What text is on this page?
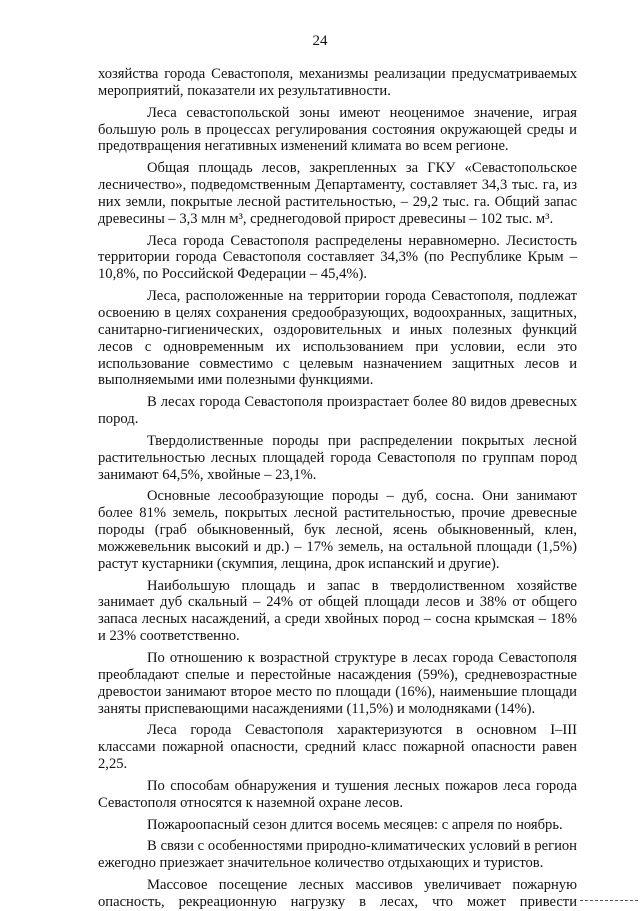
24

хозяйства города Севастополя, механизмы реализации предусматриваемых мероприятий, показатели их результативности.

Леса севастопольской зоны имеют неоценимое значение, играя большую роль в процессах регулирования состояния окружающей среды и предотвращения негативных изменений климата во всем регионе.

Общая площадь лесов, закрепленных за ГКУ «Севастопольское лесничество», подведомственным Департаменту, составляет 34,3 тыс. га, из них земли, покрытые лесной растительностью, – 29,2 тыс. га. Общий запас древесины – 3,3 млн м³, среднегодовой прирост древесины – 102 тыс. м³.

Леса города Севастополя распределены неравномерно. Лесистость территории города Севастополя составляет 34,3% (по Республике Крым – 10,8%, по Российской Федерации – 45,4%).

Леса, расположенные на территории города Севастополя, подлежат освоению в целях сохранения средообразующих, водоохранных, защитных, санитарно-гигиенических, оздоровительных и иных полезных функций лесов с одновременным их использованием при условии, если это использование совместимо с целевым назначением защитных лесов и выполняемыми ими полезными функциями.

В лесах города Севастополя произрастает более 80 видов древесных пород.

Твердолиственные породы при распределении покрытых лесной растительностью лесных площадей города Севастополя по группам пород занимают 64,5%, хвойные – 23,1%.

Основные лесообразующие породы – дуб, сосна. Они занимают более 81% земель, покрытых лесной растительностью, прочие древесные породы (граб обыкновенный, бук лесной, ясень обыкновенный, клен, можжевельник высокий и др.) – 17% земель, на остальной площади (1,5%) растут кустарники (скумпия, лещина, дрок испанский и другие).

Наибольшую площадь и запас в твердолиственном хозяйстве занимает дуб скальный – 24% от общей площади лесов и 38% от общего запаса лесных насаждений, а среди хвойных пород – сосна крымская – 18% и 23% соответственно.

По отношению к возрастной структуре в лесах города Севастополя преобладают спелые и перестойные насаждения (59%), средневозрастные древостои занимают второе место по площади (16%), наименьшие площади заняты приспевающими насаждениями (11,5%) и молодняками (14%).

Леса города Севастополя характеризуются в основном I–III классами пожарной опасности, средний класс пожарной опасности равен 2,25.

По способам обнаружения и тушения лесных пожаров леса города Севастополя относятся к наземной охране лесов.

Пожароопасный сезон длится восемь месяцев: с апреля по ноябрь.

В связи с особенностями природно-климатических условий в регион ежегодно приезжает значительное количество отдыхающих и туристов.

Массовое посещение лесных массивов увеличивает пожарную опасность, рекреационную нагрузку в лесах, что может привести
